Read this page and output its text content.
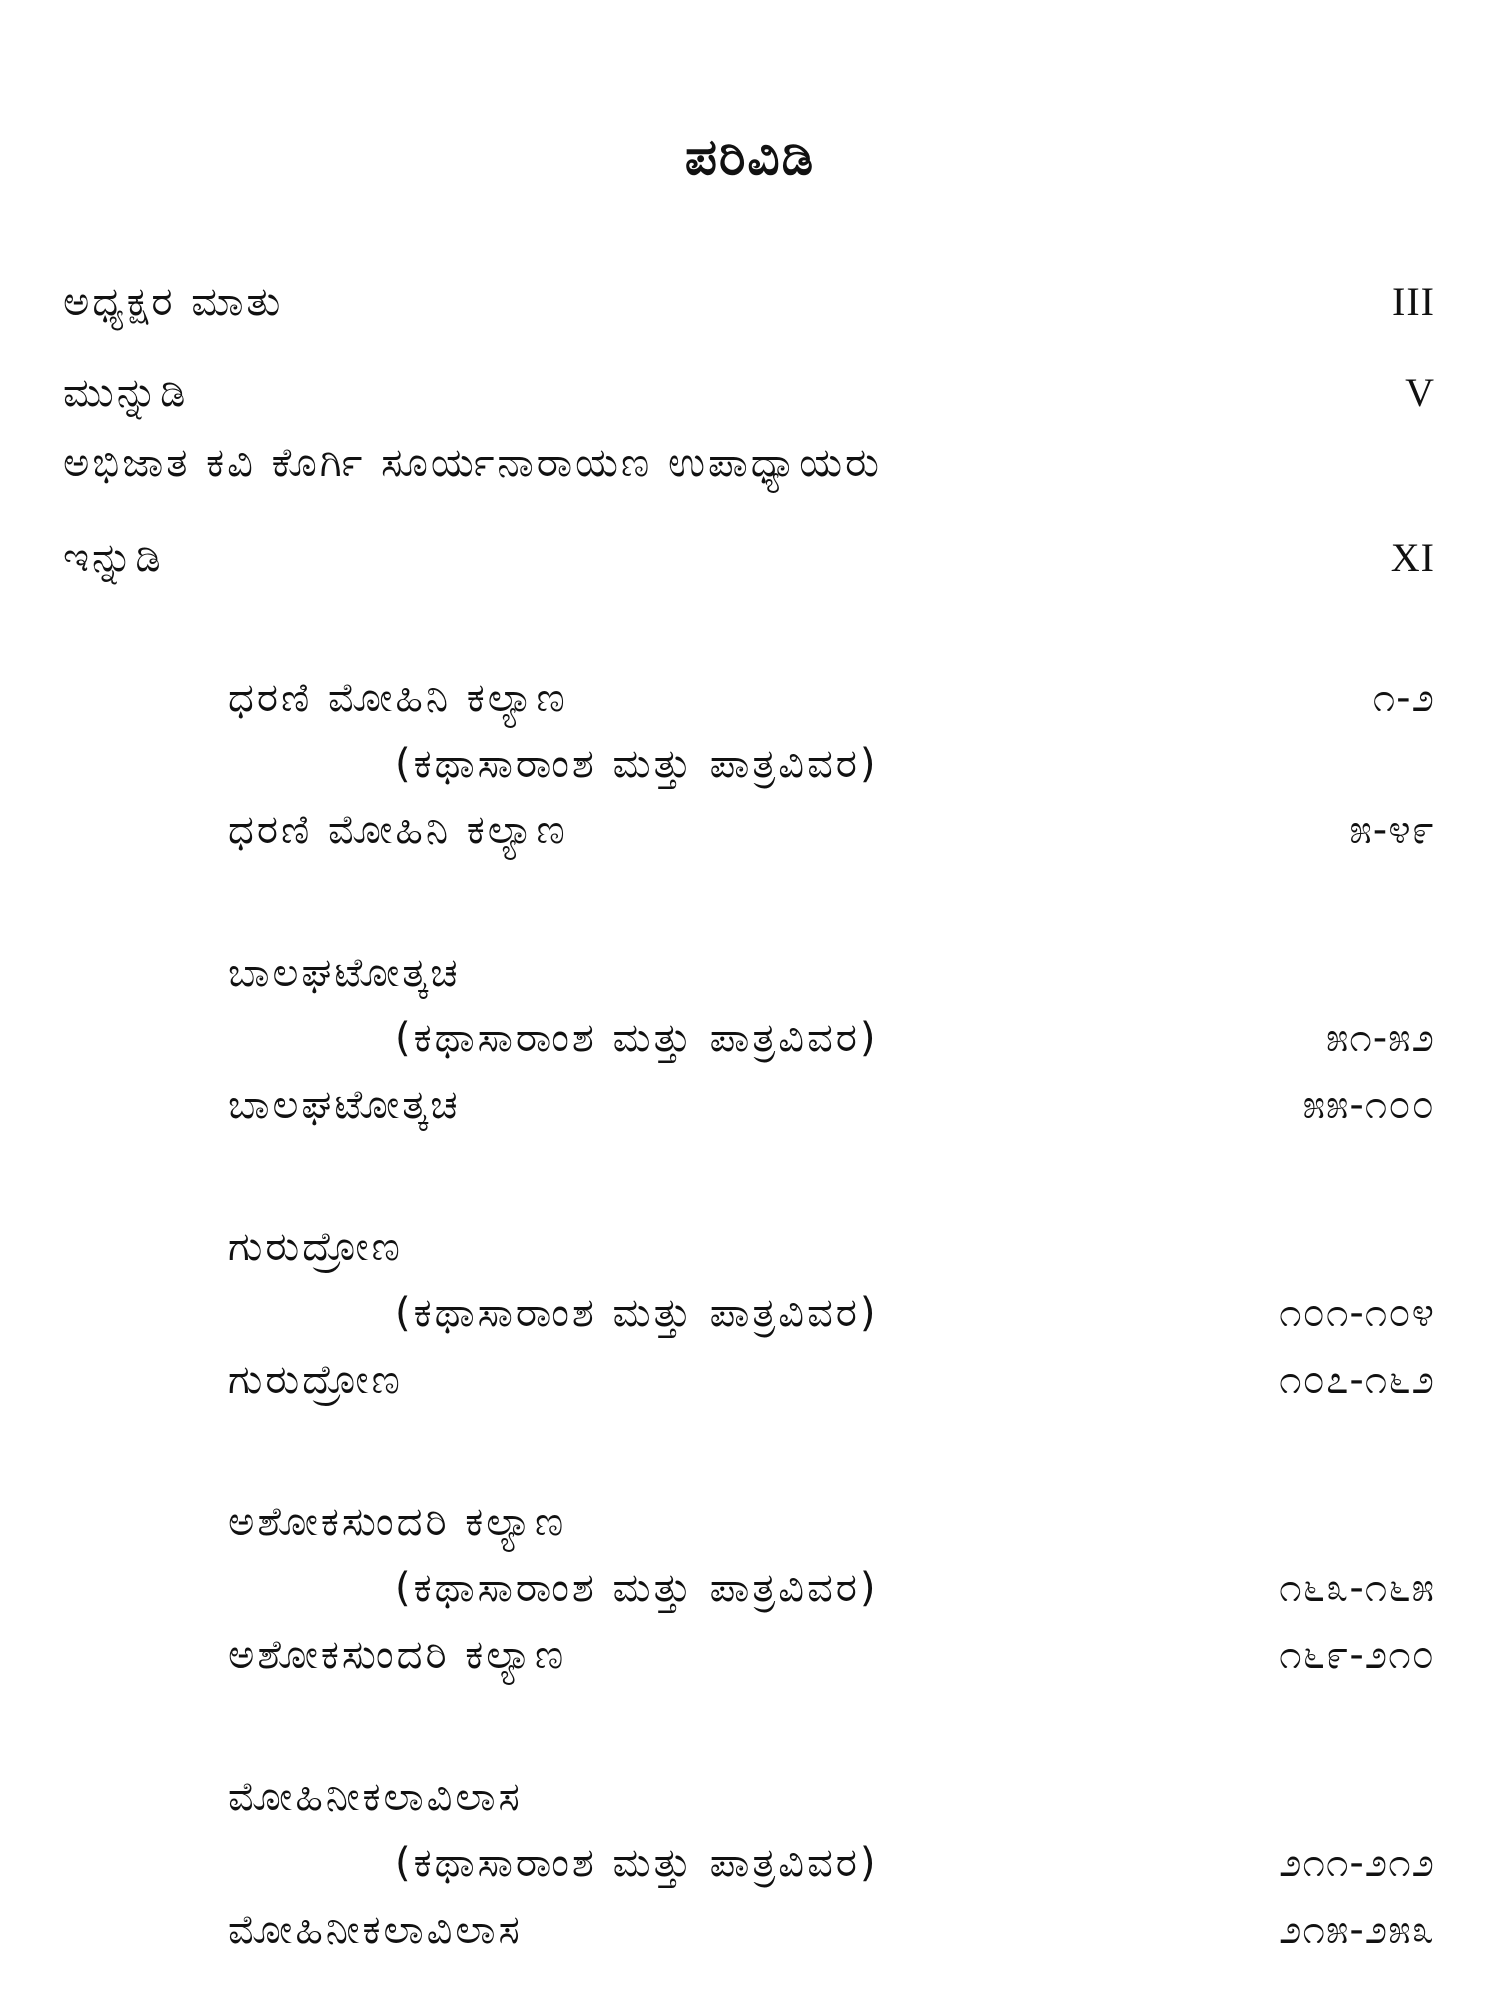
ಪರಿವಿಡಿ
ಅಧ್ಯಕ್ಷರ ಮಾತು	III
ಮುನ್ನುಡಿ	V
ಅಭಿಜಾತ ಕವಿ ಕೊರ್ಗಿ ಸೂರ್ಯನಾರಾಯಣ ಉಪಾಧ್ಯಾಯರು
ಇನ್ನುಡಿ	XI
ಧರಣಿ ಮೋಹಿನಿ ಕಲ್ಯಾಣ	೧-೨
(ಕಥಾಸಾರಾಂಶ ಮತ್ತು ಪಾತ್ರವಿವರ)
ಧರಣಿ ಮೋಹಿನಿ ಕಲ್ಯಾಣ	೫-೪೯
ಬಾಲಘಟೋತ್ಕಚ
(ಕಥಾಸಾರಾಂಶ ಮತ್ತು ಪಾತ್ರವಿವರ)	೫೧-೫೨
ಬಾಲಘಟೋತ್ಕಚ	೫೫-೧೦೦
ಗುರುದ್ರೋಣ
(ಕಥಾಸಾರಾಂಶ ಮತ್ತು ಪಾತ್ರವಿವರ)	೧೦೧-೧೦೪
ಗುರುದ್ರೋಣ	೧೦೭-೧೬೨
ಅಶೋಕಸುಂದರಿ ಕಲ್ಯಾಣ
(ಕಥಾಸಾರಾಂಶ ಮತ್ತು ಪಾತ್ರವಿವರ)	೧೬೩-೧೬೫
ಅಶೋಕಸುಂದರಿ ಕಲ್ಯಾಣ	೧೬೯-೨೧೦
ಮೋಹಿನೀಕಲಾವಿಲಾಸ
(ಕಥಾಸಾರಾಂಶ ಮತ್ತು ಪಾತ್ರವಿವರ)	೨೧೧-೨೧೨
ಮೋಹಿನೀಕಲಾವಿಲಾಸ	೨೧೫-೨೫೩
